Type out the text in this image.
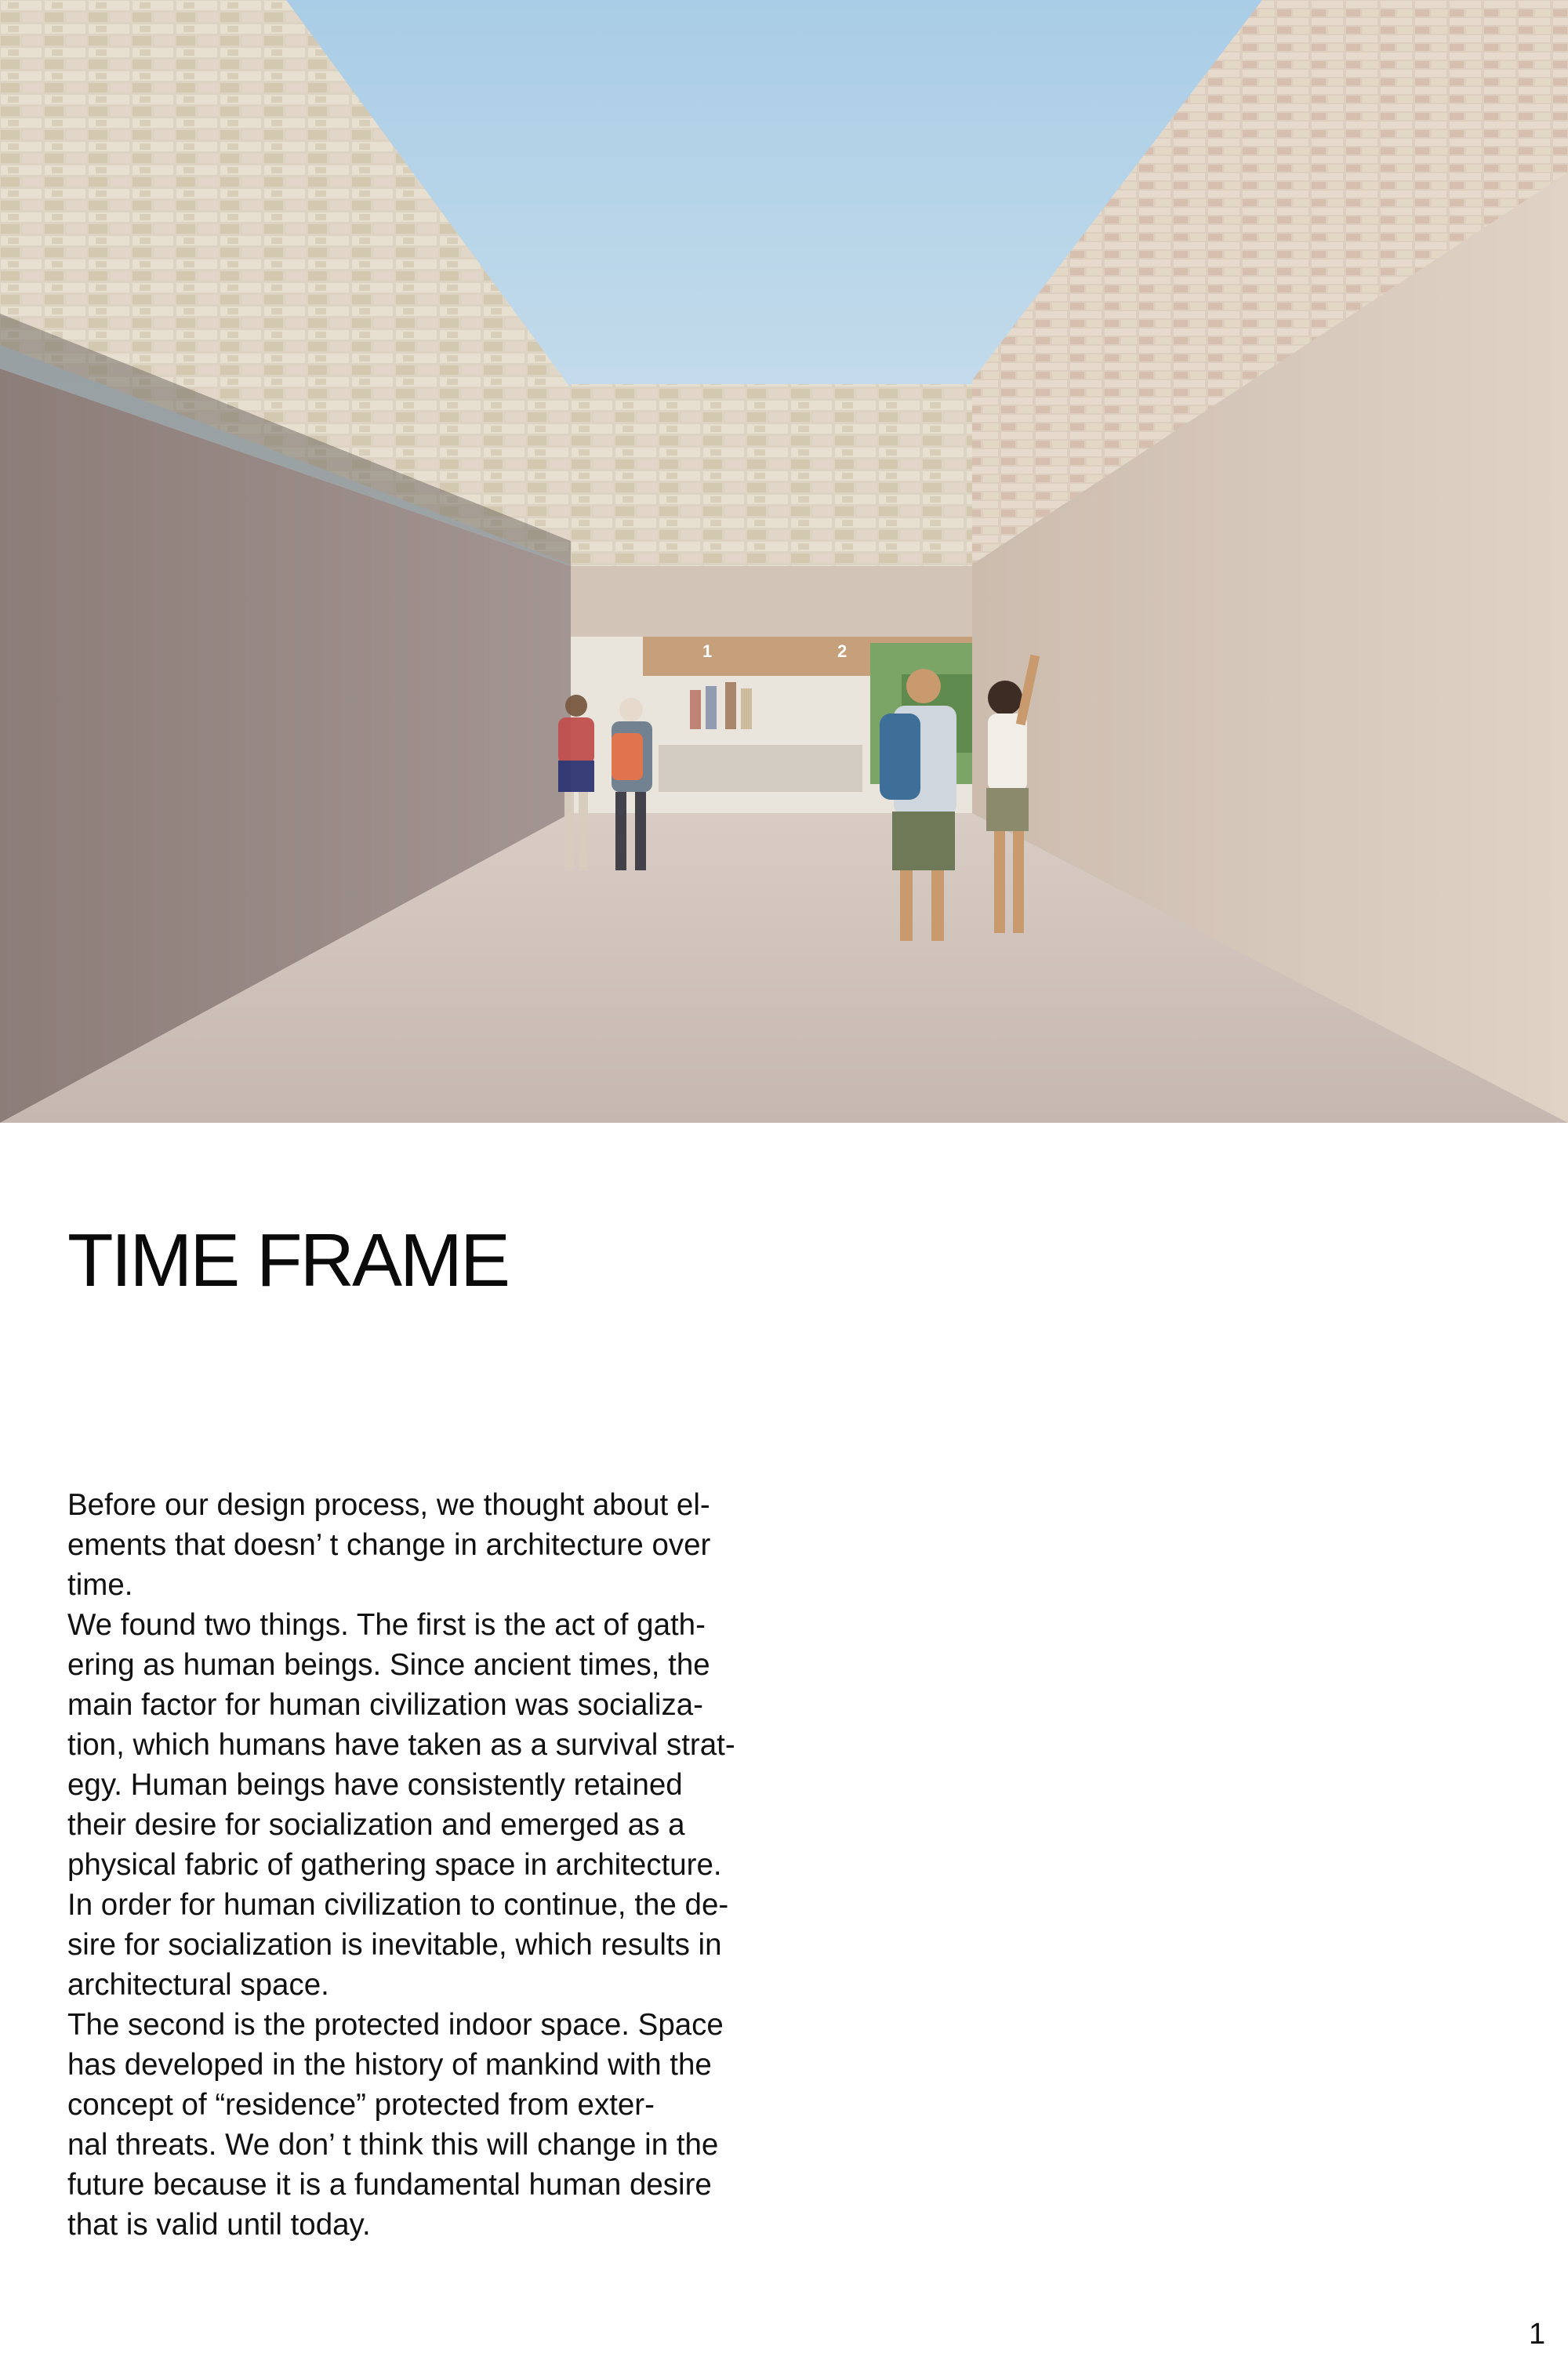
1	2
TIME FRAME
Before our design process, we thought about el-
ements that doesn’ t change in architecture over
time.
We found two things. The first is the act of gath-
ering as human beings. Since ancient times, the
main factor for human civilization was socializa-
tion, which humans have taken as a survival strat-
egy. Human beings have consistently retained
their desire for socialization and emerged as a
physical fabric of gathering space in architecture.
In order for human civilization to continue, the de-
sire for socialization is inevitable, which results in
architectural space.
The second is the protected indoor space. Space
has developed in the history of mankind with the
concept of “residence” protected from exter-
nal threats. We don’ t think this will change in the
future because it is a fundamental human desire
that is valid until today.
1
